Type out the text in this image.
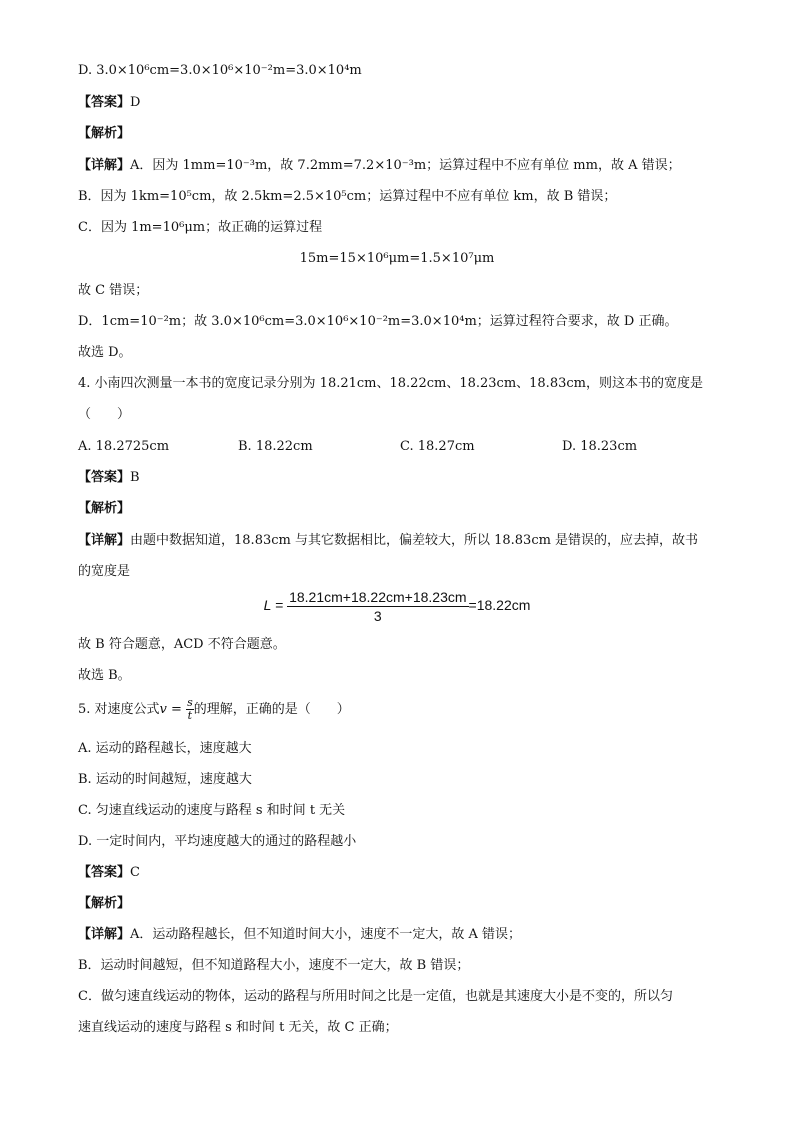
D. 3.0×10⁶cm=3.0×10⁶×10⁻²m=3.0×10⁴m
【答案】D
【解析】
【详解】A．因为 1mm=10⁻³m，故 7.2mm=7.2×10⁻³m；运算过程中不应有单位 mm，故 A 错误；
B．因为 1km=10⁵cm，故 2.5km=2.5×10⁵cm；运算过程中不应有单位 km，故 B 错误；
C．因为 1m=10⁶μm；故正确的运算过程
15m=15×10⁶μm=1.5×10⁷μm
故 C 错误；
D．1cm=10⁻²m；故 3.0×10⁶cm=3.0×10⁶×10⁻²m=3.0×10⁴m；运算过程符合要求，故 D 正确。
故选 D。
4. 小南四次测量一本书的宽度记录分别为 18.21cm、18.22cm、18.23cm、18.83cm，则这本书的宽度是
（　　）
A. 18.2725cm	B. 18.22cm	C. 18.27cm	D. 18.23cm
【答案】B
【解析】
【详解】由题中数据知道，18.83cm 与其它数据相比，偏差较大，所以 18.83cm 是错误的，应去掉，故书
的宽度是
$L = \frac{18.21cm+18.22cm+18.23cm}{3} =18.22cm$
故 B 符合题意，ACD 不符合题意。
故选 B。
5. 对速度公式$v = \frac{s}{t}$ 的理解，正确的是（　　）
A. 运动的路程越长，速度越大
B. 运动的时间越短，速度越大
C. 匀速直线运动的速度与路程 s 和时间 t 无关
D. 一定时间内，平均速度越大的通过的路程越小
【答案】C
【解析】
【详解】A．运动路程越长，但不知道时间大小，速度不一定大，故 A 错误；
B．运动时间越短，但不知道路程大小，速度不一定大，故 B 错误；
C．做匀速直线运动的物体，运动的路程与所用时间之比是一定值，也就是其速度大小是不变的，所以匀
速直线运动的速度与路程 s 和时间 t 无关，故 C 正确；
